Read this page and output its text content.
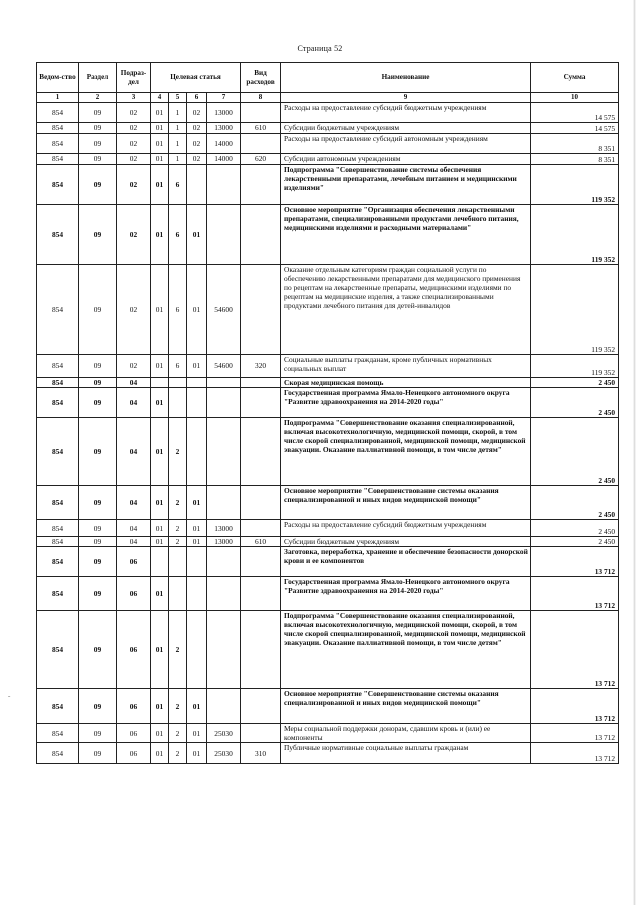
Страница 52
ˇ
Ведом-ство	Раздел	Подраз-дел	Целевая статья				Вид расходов	Наименование	Сумма
1	2	3	4	5	6	7	8	9	10
854	09	02	01	1	02	13000		Расходы на предоставление субсидий бюджетным учреждениям	14 575
854	09	02	01	1	02	13000	610	Субсидии бюджетным учреждениям	14 575
854	09	02	01	1	02	14000		Расходы на предоставление субсидий автономным учреждениям	8 351
854	09	02	01	1	02	14000	620	Субсидии автономным учреждениям	8 351
854	09	02	01	6				Подпрограмма "Совершенствование системы обеспечения лекарственными препаратами, лечебным питанием и медицинскими изделиями"	119 352
854	09	02	01	6	01			Основное мероприятие "Организация обеспечения лекарственными препаратами, специализированными продуктами лечебного питания, медицинскими изделиями и расходными материалами"	119 352
854	09	02	01	6	01	54600		Оказание отдельным категориям граждан социальной услуги по обеспечению лекарственными препаратами для медицинского применения по рецептам на лекарственные препараты, медицинскими изделиями по рецептам на медицинские изделия, а также специализированными продуктами лечебного питания для детей-инвалидов	119 352
854	09	02	01	6	01	54600	320	Социальные выплаты гражданам, кроме публичных нормативных социальных выплат	119 352
854	09	04						Скорая медицинская помощь	2 450
854	09	04	01					Государственная программа Ямало-Ненецкого автономного округа "Развитие здравоохранения на 2014-2020 годы"	2 450
854	09	04	01	2				Подпрограмма "Совершенствование оказания специализированной, включая высокотехнологичную, медицинской помощи, скорой, в том числе скорой специализированной, медицинской помощи, медицинской эвакуации. Оказание паллиативной помощи, в том числе детям"	2 450
854	09	04	01	2	01			Основное мероприятие "Совершенствование системы оказания специализированной и иных видов медицинской помощи"	2 450
854	09	04	01	2	01	13000		Расходы на предоставление субсидий бюджетным учреждениям	2 450
854	09	04	01	2	01	13000	610	Субсидии бюджетным учреждениям	2 450
854	09	06						Заготовка, переработка, хранение и обеспечение безопасности донорской крови и ее компонентов	13 712
854	09	06	01					Государственная программа Ямало-Ненецкого автономного округа "Развитие здравоохранения на 2014-2020 годы"	13 712
854	09	06	01	2				Подпрограмма "Совершенствование оказания специализированной, включая высокотехнологичную, медицинской помощи, скорой, в том числе скорой специализированной, медицинской помощи, медицинской эвакуации. Оказание паллиативной помощи, в том числе детям"	13 712
854	09	06	01	2	01			Основное мероприятие "Совершенствование системы оказания специализированной и иных видов медицинской помощи"	13 712
854	09	06	01	2	01	25030		Меры социальной поддержки донорам, сдавшим кровь и (или) ее компоненты	13 712
854	09	06	01	2	01	25030	310	Публичные нормативные социальные выплаты гражданам	13 712
